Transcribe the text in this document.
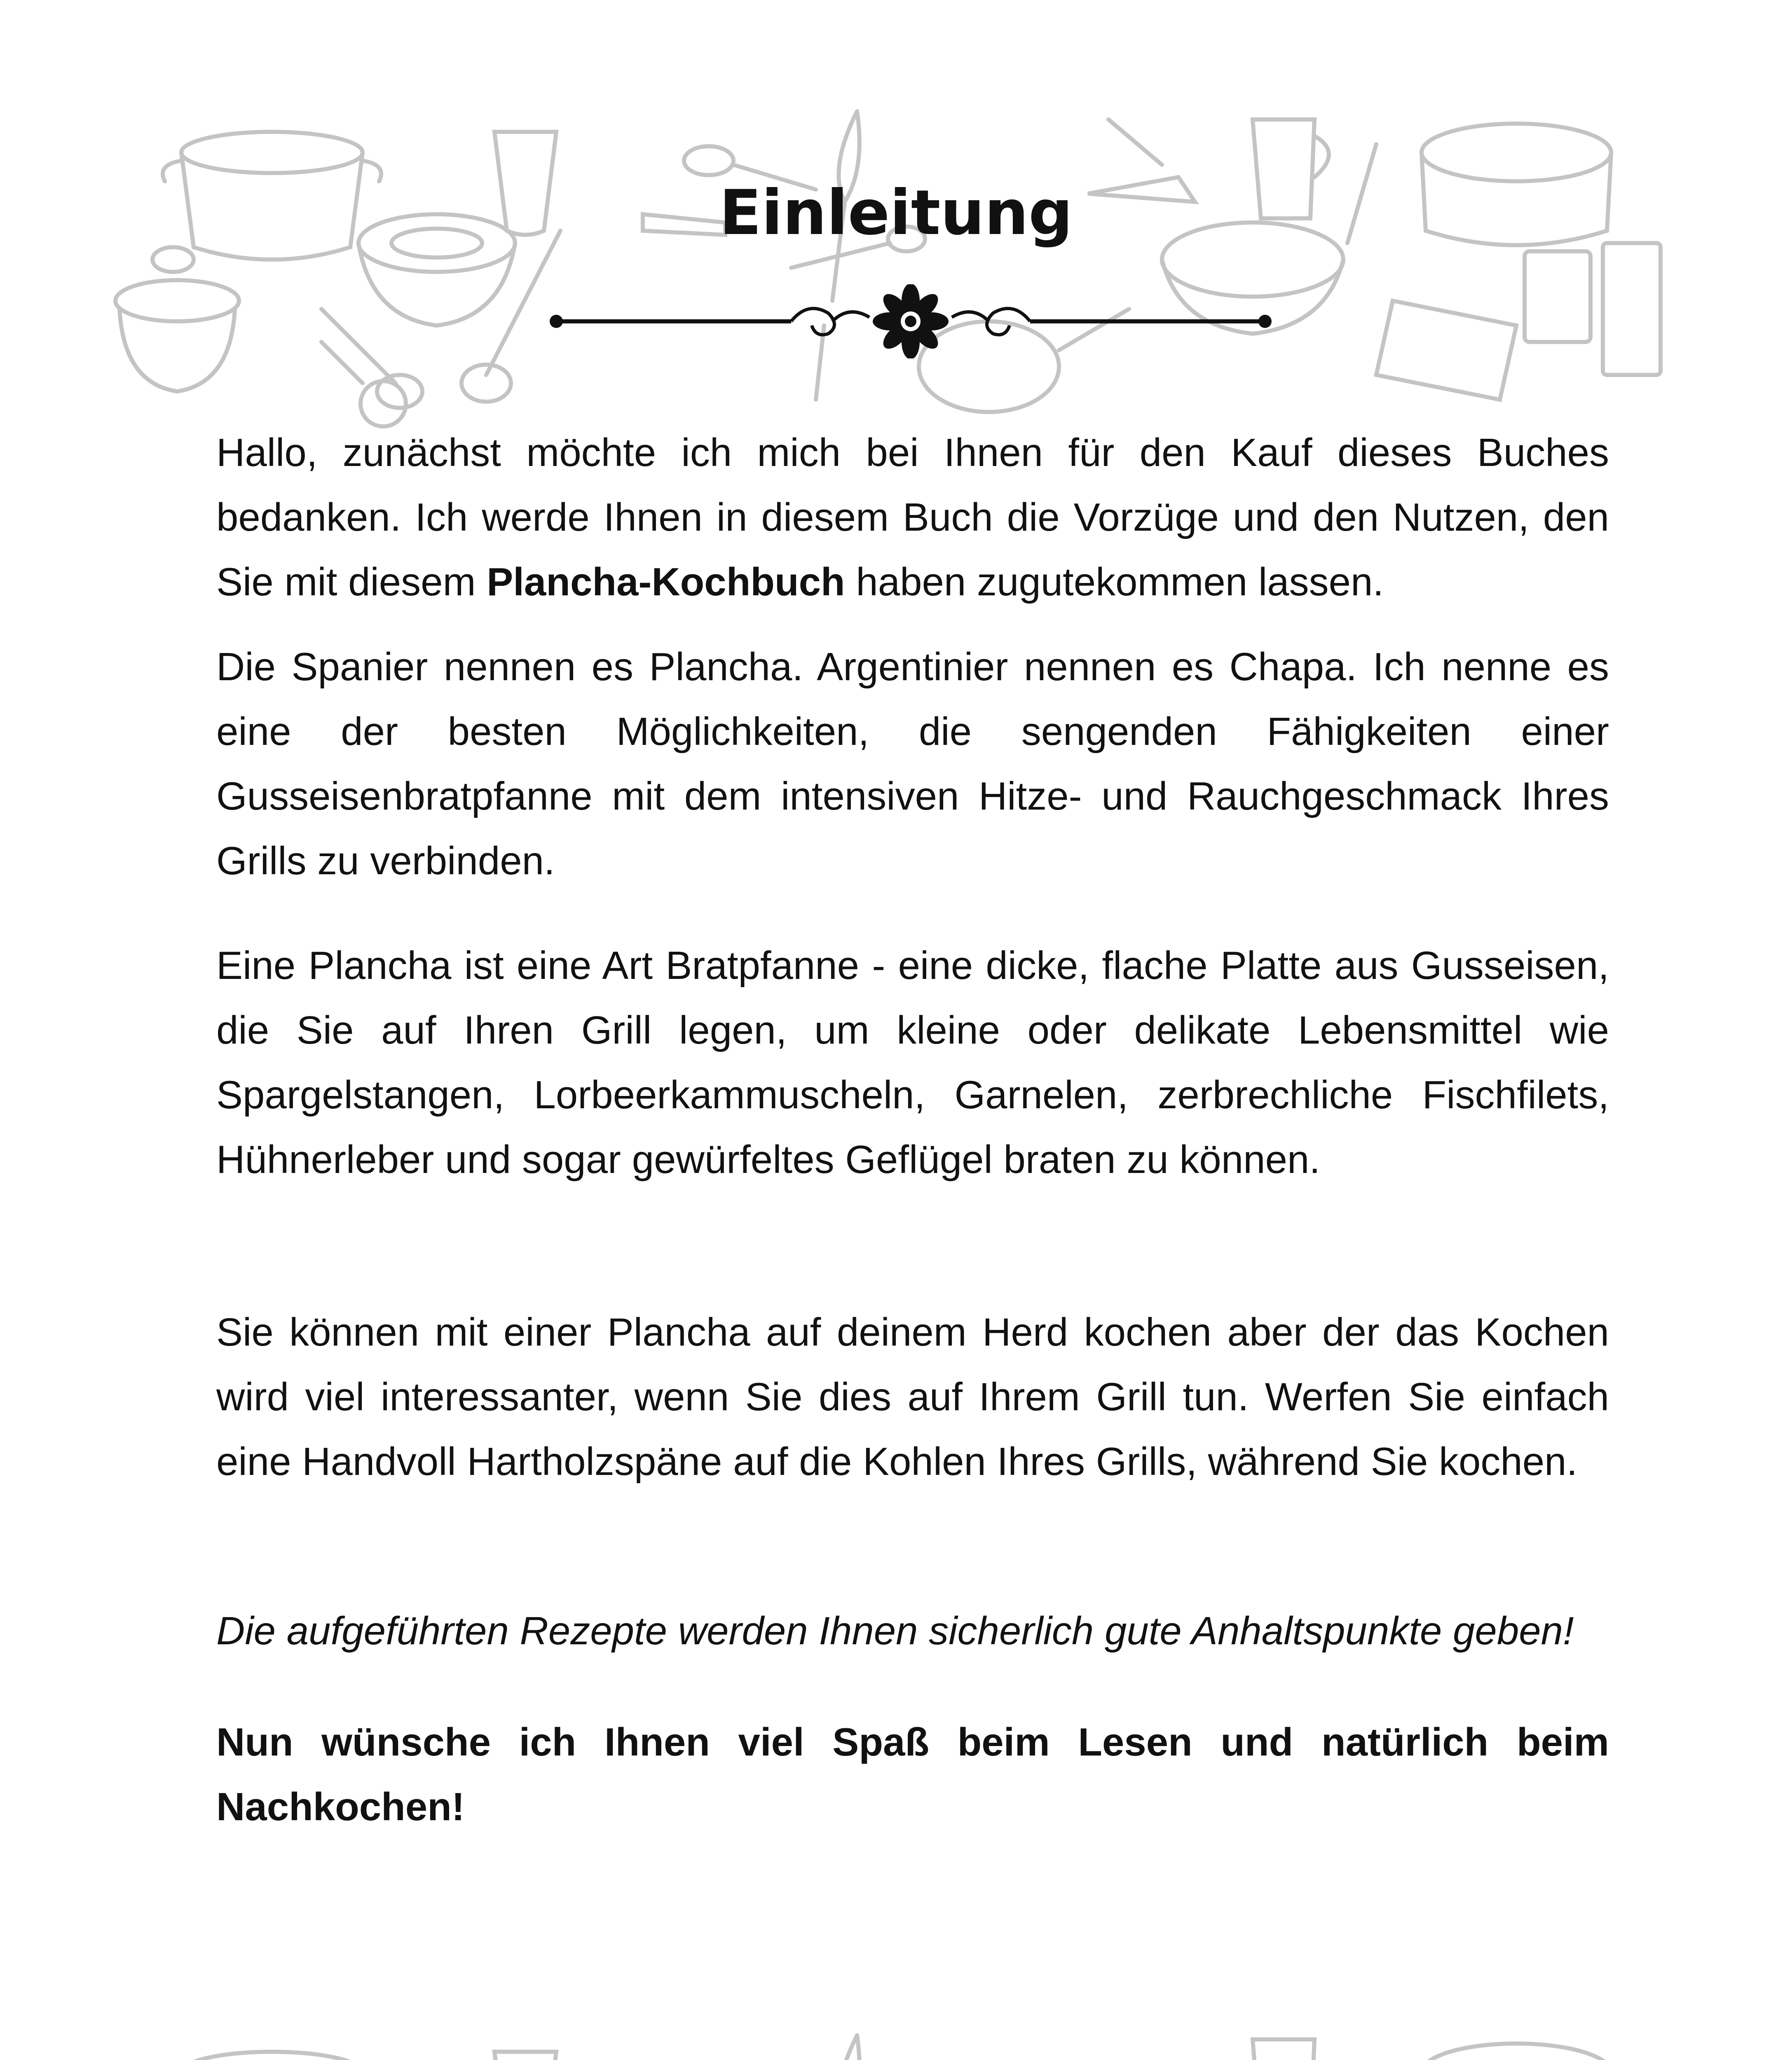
Einleitung

Hallo, zunächst möchte ich mich bei Ihnen für den Kauf dieses Buches bedanken. Ich werde Ihnen in diesem Buch die Vorzüge und den Nutzen, den Sie mit diesem Plancha-Kochbuch haben zugutekommen lassen.

Die Spanier nennen es Plancha. Argentinier nennen es Chapa. Ich nenne es eine der besten Möglichkeiten, die sengenden Fähigkeiten einer Gusseisenbratpfanne mit dem intensiven Hitze- und Rauchgeschmack Ihres Grills zu verbinden.

Eine Plancha ist eine Art Bratpfanne - eine dicke, flache Platte aus Gusseisen, die Sie auf Ihren Grill legen, um kleine oder delikate Lebensmittel wie Spargelstangen, Lorbeerkammuscheln, Garnelen, zerbrechliche Fischfilets, Hühnerleber und sogar gewürfeltes Geflügel braten zu können.

Sie können mit einer Plancha auf deinem Herd kochen aber der das Kochen wird viel interessanter, wenn Sie dies auf Ihrem Grill tun. Werfen Sie einfach eine Handvoll Hartholzspäne auf die Kohlen Ihres Grills, während Sie kochen.

Die aufgeführten Rezepte werden Ihnen sicherlich gute Anhaltspunkte geben!

Nun wünsche ich Ihnen viel Spaß beim Lesen und natürlich beim Nachkochen!
